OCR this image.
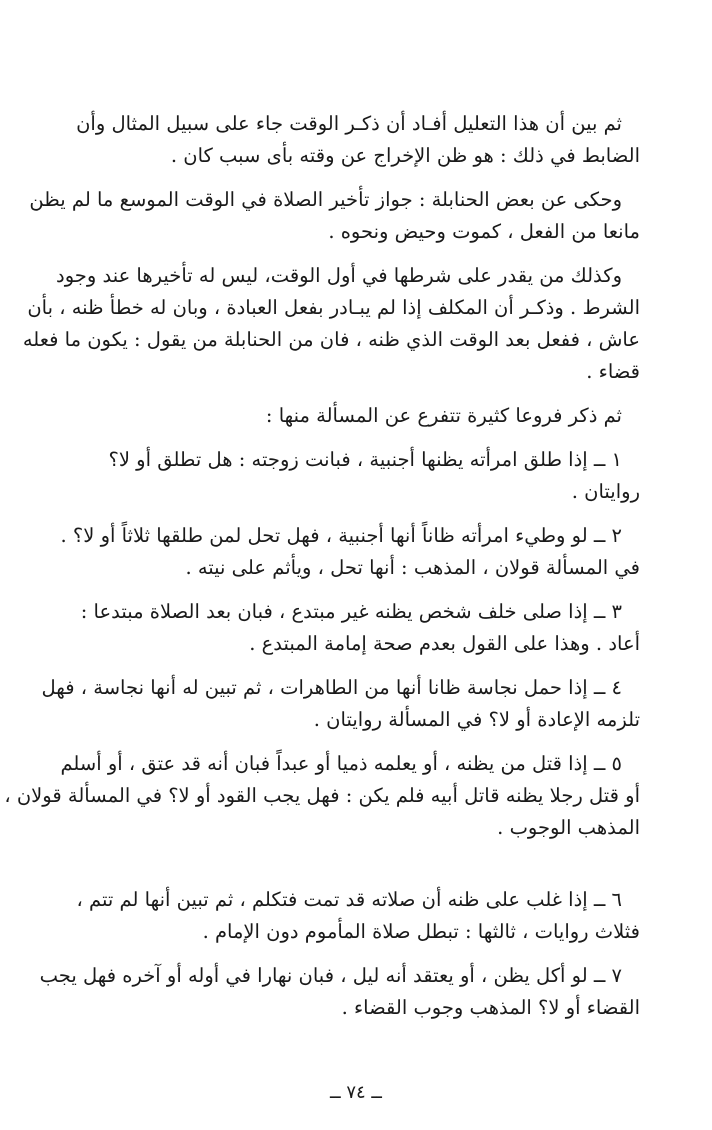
ثم بين أن هذا التعليل أفـاد أن ذكـر الوقت جاء على سبيل المثال وأن
الضابط في ذلك : هو ظن الإخراج عن وقته بأى سبب كان .

وحكى عن بعض الحنابلة : جواز تأخير الصلاة في الوقت الموسع ما لم يظن
مانعا من الفعل ، كموت وحيض ونحوه .

وكذلك من يقدر على شرطها في أول الوقت، ليس له تأخيرها عند وجود
الشرط . وذكـر أن المكلف إذا لم يبـادر بفعل العبادة ، وبان له خطأ ظنه ، بأن
عاش ، ففعل بعد الوقت الذي ظنه ، فان من الحنابلة من يقول : يكون ما فعله
قضاء .

ثم ذكر فروعا كثيرة تتفرع عن المسألة منها :

١ ــ إذا طلق امرأته يظنها أجنبية ، فبانت زوجته : هل تطلق أو لا؟
روايتان .

٢ ــ لو وطيء امرأته ظاناً أنها أجنبية ، فهل تحل لمن طلقها ثلاثاً أو لا؟ .
في المسألة قولان ، المذهب : أنها تحل ، ويأثم على نيته .

٣ ــ إذا صلى خلف شخص يظنه غير مبتدع ، فبان بعد الصلاة مبتدعا :
أعاد . وهذا على القول بعدم صحة إمامة المبتدع .

٤ ــ إذا حمل نجاسة ظانا أنها من الطاهرات ، ثم تبين له أنها نجاسة ، فهل
تلزمه الإعادة أو لا؟ في المسألة روايتان .

٥ ــ إذا قتل من يظنه ، أو يعلمه ذميا أو عبداً فبان أنه قد عتق ، أو أسلم
أو قتل رجلا يظنه قاتل أبيه فلم يكن : فهل يجب القود أو لا؟ في المسألة قولان ،
المذهب الوجوب .

٦ ــ إذا غلب على ظنه أن صلاته قد تمت فتكلم ، ثم تبين أنها لم تتم ،
فثلاث روايات ، ثالثها : تبطل صلاة المأموم دون الإمام .

٧ ــ لو أكل يظن ، أو يعتقد أنه ليل ، فبان نهارا في أوله أو آخره فهل يجب
القضاء أو لا؟ المذهب وجوب القضاء .

ــ ٧٤ ــ
